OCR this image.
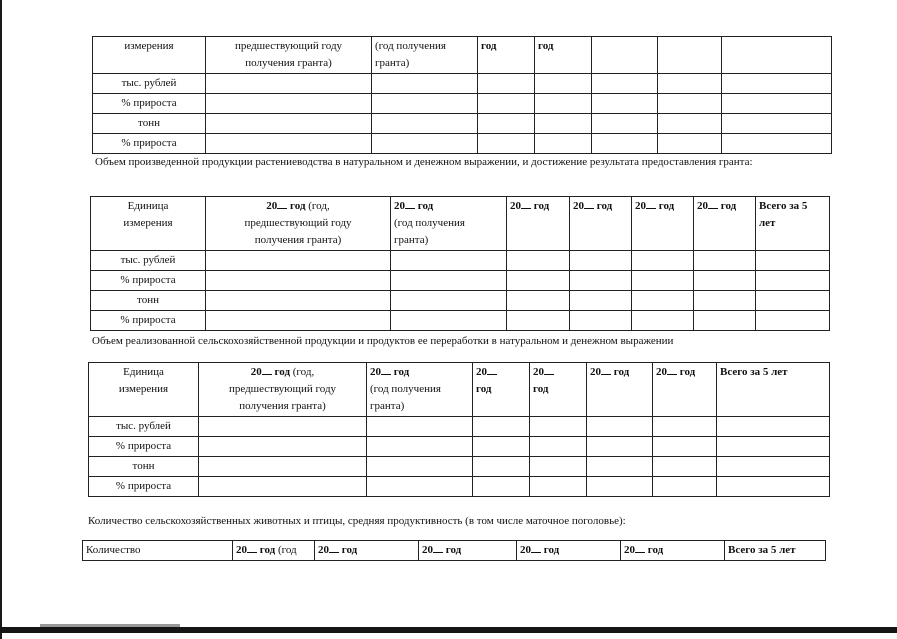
измерения	предшествующий году получения гранта)	(год получения гранта)	год	год			
тыс. рублей							
% прироста							
тонн							
% прироста							

Объем произведенной продукции растениеводства в натуральном и денежном выражении, и достижение результата предоставления гранта:

Единица
измерения	20 год (год,
предшествующий году
получения гранта)	20 год
(год получения
гранта)	20 год	20 год	20 год	20 год	Всего за 5
лет
тыс. рублей							
% прироста							
тонн							
% прироста							

Объем реализованной сельскохозяйственной продукции и продуктов ее переработки в натуральном и денежном выражении

Единица
измерения	20 год (год,
предшествующий году
получения гранта)	20 год
(год получения
гранта)	20
год	20
год	20 год	20 год	Всего за 5 лет
тыс. рублей							
% прироста							
тонн							
% прироста							

Количество сельскохозяйственных животных и птицы, средняя продуктивность (в том числе маточное поголовье):

Количество	20 год (год	20 год	20 год	20 год	20 год	Всего за 5 лет
